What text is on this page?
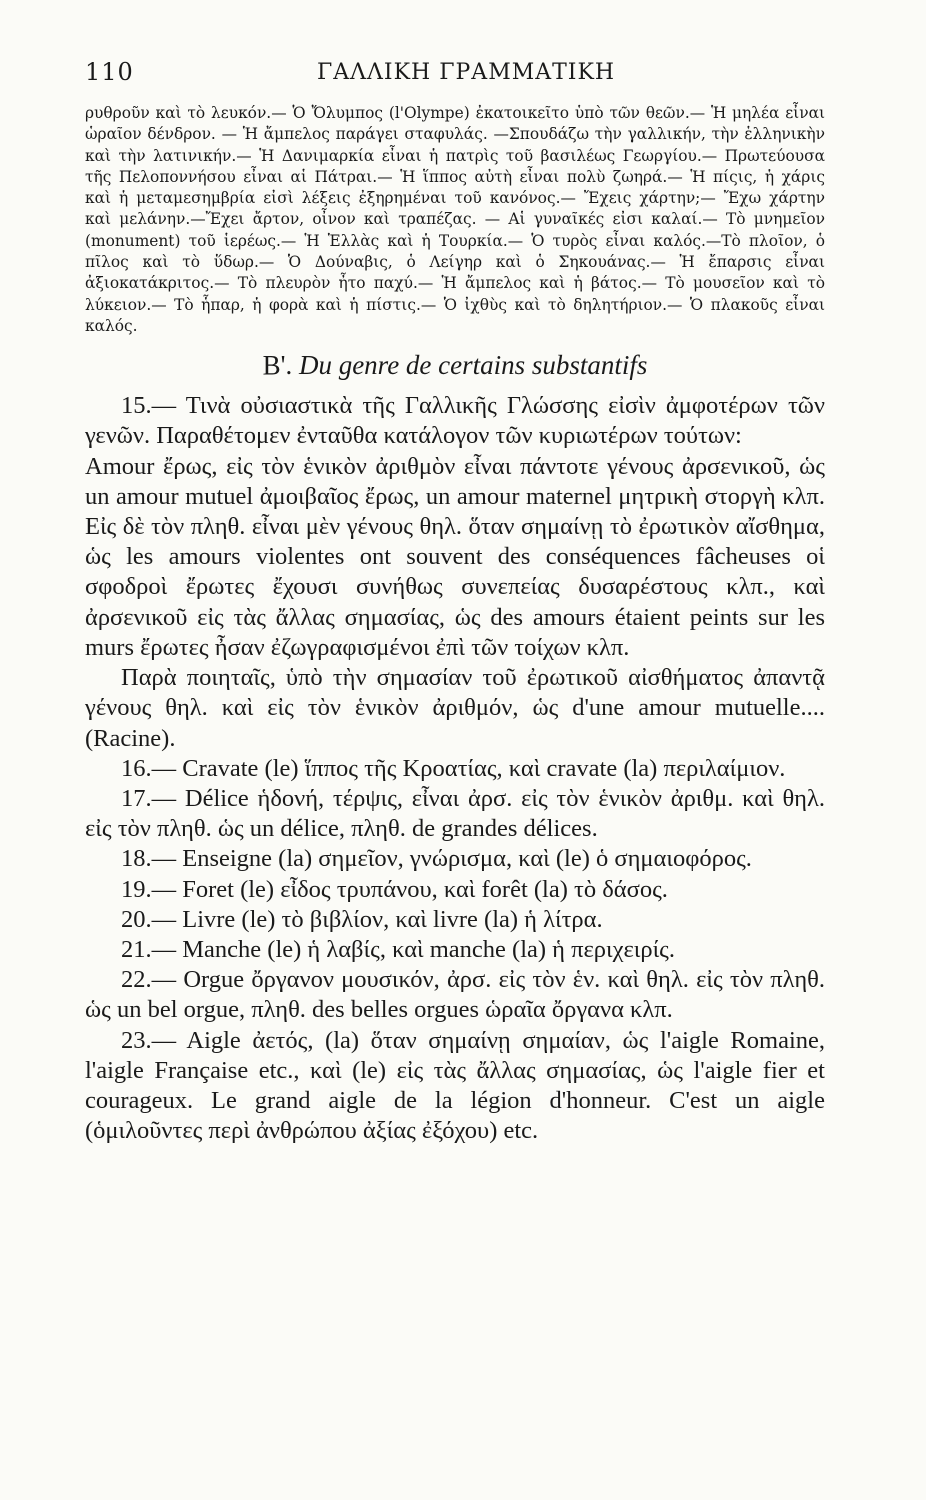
110	ΓΑΛΛΙΚΗ ΓΡΑΜΜΑΤΙΚΗ

ρυθροῦν καὶ τὸ λευκόν.— Ὁ Ὄλυμπος (l'Olympe) ἐκατοικεῖτο ὑπὸ τῶν θεῶν.— Ἡ μηλέα εἶναι ὡραῖον δένδρον. — Ἡ ἄμπελος παράγει σταφυλάς. —Σπουδάζω τὴν γαλλικήν, τὴν ἑλληνικὴν καὶ τὴν λατινικήν.— Ἡ Δανιμαρκία εἶναι ἡ πατρὶς τοῦ βασιλέως Γεωργίου.— Πρωτεύουσα τῆς Πελοποννήσου εἶναι αἱ Πάτραι.— Ἡ ἵππος αὐτὴ εἶναι πολὺ ζωηρά.— Ἡ πίςις, ἡ χάρις καὶ ἡ μεταμεσημβρία εἰσὶ λέξεις ἐξηρημέναι τοῦ κανόνος.— Ἔχεις χάρτην;— Ἔχω χάρτην καὶ μελάνην.—Ἔχει ἄρτον, οἶνον καὶ τραπέζας. — Αἱ γυναῖκές εἰσι καλαί.— Τὸ μνημεῖον (monument) τοῦ ἱερέως.— Ἡ Ἑλλὰς καὶ ἡ Τουρκία.— Ὁ τυρὸς εἶναι καλός.—Τὸ πλοῖον, ὁ πῖλος καὶ τὸ ὕδωρ.— Ὁ Δούναβις, ὁ Λείγηρ καὶ ὁ Σηκουάνας.— Ἡ ἔπαρσις εἶναι ἀξιοκατάκριτος.— Τὸ πλευρὸν ἦτο παχύ.— Ἡ ἄμπελος καὶ ἡ βάτος.— Τὸ μουσεῖον καὶ τὸ λύκειον.— Τὸ ἧπαρ, ἡ φορὰ καὶ ἡ πίστις.— Ὁ ἰχθὺς καὶ τὸ δηλητήριον.— Ὁ πλακοῦς εἶναι καλός.

Β'. Du genre de certains substantifs

15.— Τινὰ οὐσιαστικὰ τῆς Γαλλικῆς Γλώσσης εἰσὶν ἀμφοτέρων τῶν γενῶν. Παραθέτομεν ἐνταῦθα κατάλογον τῶν κυριωτέρων τούτων:

Amour ἔρως, εἰς τὸν ἑνικὸν ἀριθμὸν εἶναι πάντοτε γένους ἀρσενικοῦ, ὡς un amour mutuel ἀμοιβαῖος ἔρως, un amour maternel μητρικὴ στοργὴ κλπ. Εἰς δὲ τὸν πληθ. εἶναι μὲν γένους θηλ. ὅταν σημαίνῃ τὸ ἐρωτικὸν αἴσθημα, ὡς les amours violentes ont souvent des conséquences fâcheuses οἱ σφοδροὶ ἔρωτες ἔχουσι συνήθως συνεπείας δυσαρέστους κλπ., καὶ ἀρσενικοῦ εἰς τὰς ἄλλας σημασίας, ὡς des amours étaient peints sur les murs ἔρωτες ἦσαν ἐζωγραφισμένοι ἐπὶ τῶν τοίχων κλπ.

Παρὰ ποιηταῖς, ὑπὸ τὴν σημασίαν τοῦ ἐρωτικοῦ αἰσθήματος ἀπαντᾷ γένους θηλ. καὶ εἰς τὸν ἑνικὸν ἀριθμόν, ὡς d'une amour mutuelle.... (Racine).

16.— Cravate (le) ἵππος τῆς Κροατίας, καὶ cravate (la) περιλαίμιον.

17.— Délice ἡδονή, τέρψις, εἶναι ἀρσ. εἰς τὸν ἑνικὸν ἀριθμ. καὶ θηλ. εἰς τὸν πληθ. ὡς un délice, πληθ. de grandes délices.

18.— Enseigne (la) σημεῖον, γνώρισμα, καὶ (le) ὁ σημαιοφόρος.

19.— Foret (le) εἶδος τρυπάνου, καὶ forêt (la) τὸ δάσος.

20.— Livre (le) τὸ βιβλίον, καὶ livre (la) ἡ λίτρα.

21.— Manche (le) ἡ λαβίς, καὶ manche (la) ἡ περιχειρίς.

22.— Orgue ὄργανον μουσικόν, ἀρσ. εἰς τὸν ἑν. καὶ θηλ. εἰς τὸν πληθ. ὡς un bel orgue, πληθ. des belles orgues ὡραῖα ὄργανα κλπ.

23.— Aigle ἀετός, (la) ὅταν σημαίνῃ σημαίαν, ὡς l'aigle Romaine, l'aigle Française etc., καὶ (le) εἰς τὰς ἄλλας σημασίας, ὡς l'aigle fier et courageux. Le grand aigle de la légion d'honneur. C'est un aigle (ὁμιλοῦντες περὶ ἀνθρώπου ἀξίας ἐξόχου) etc.
